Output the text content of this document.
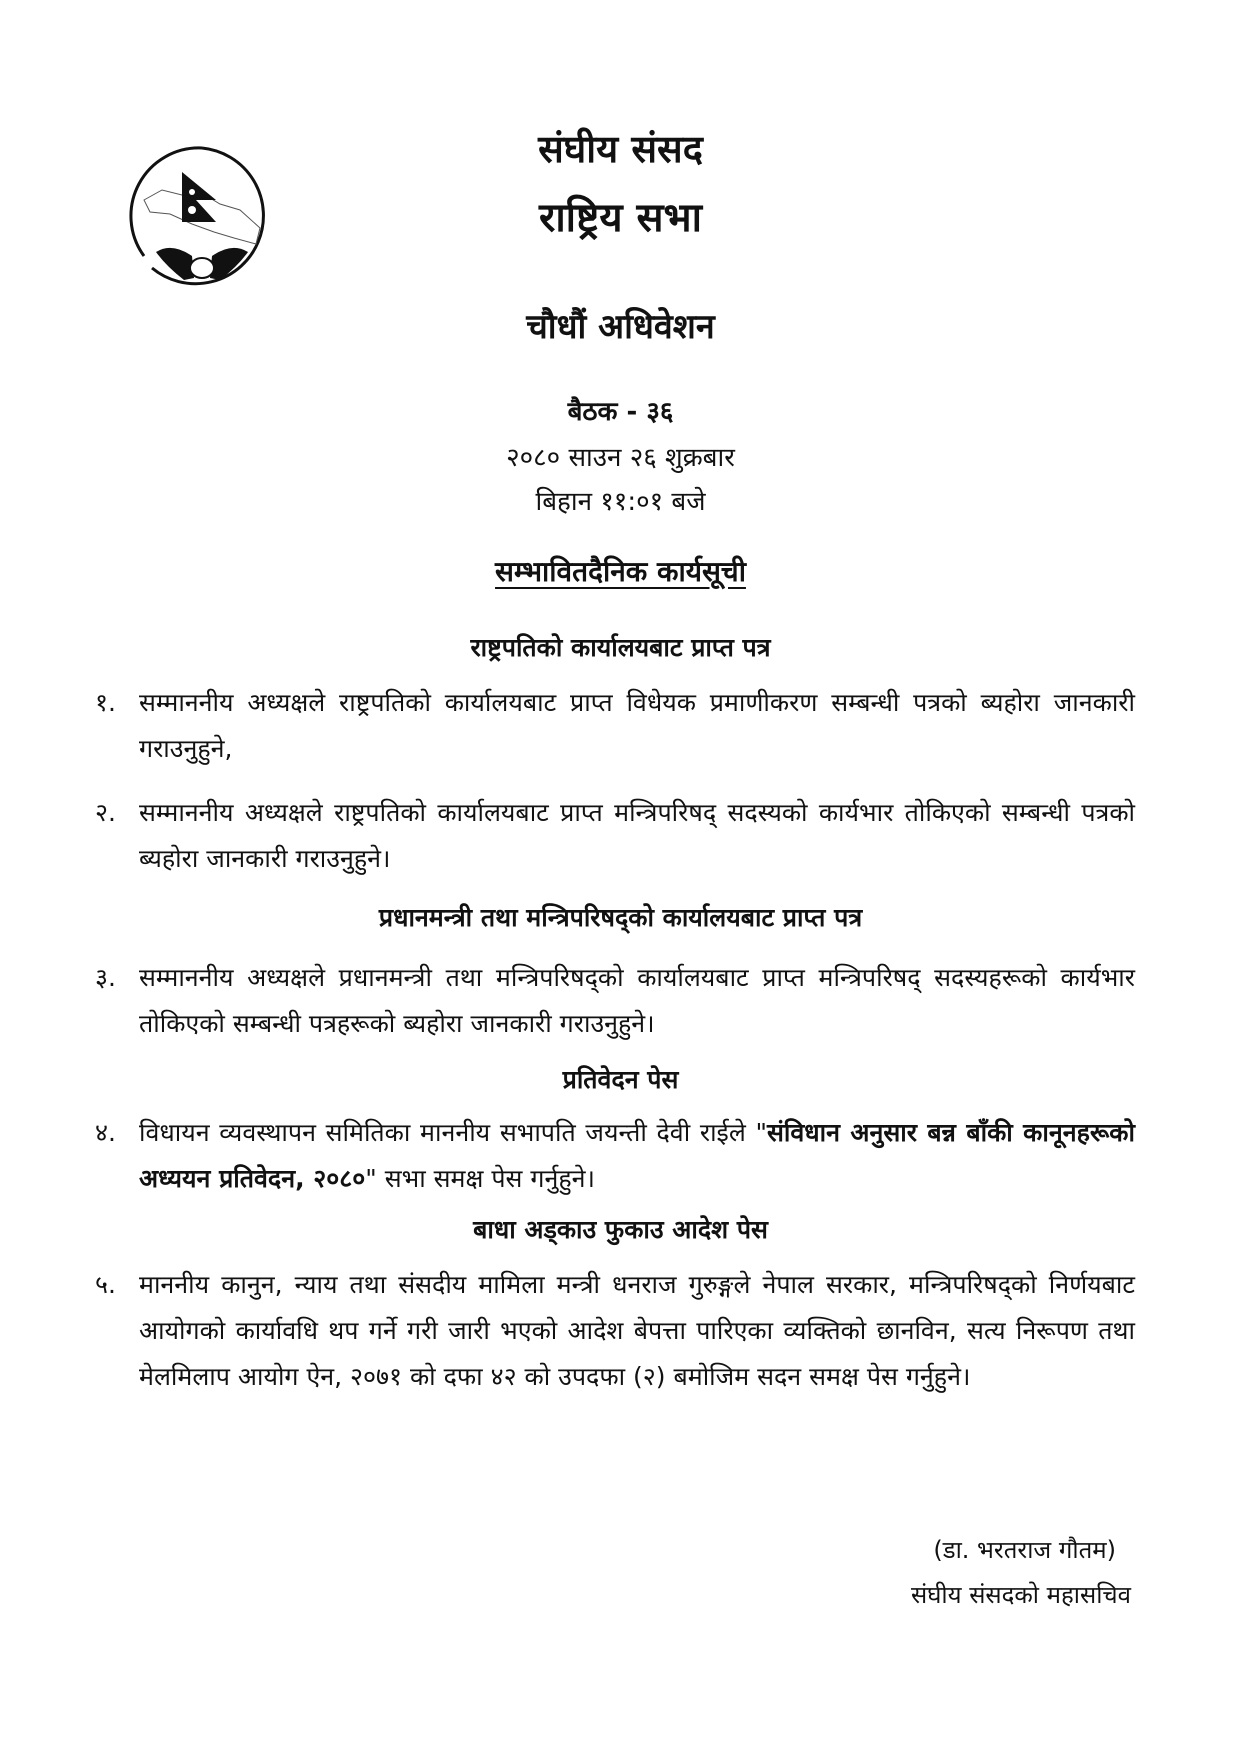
संघीय संसद
राष्ट्रिय सभा
चौधौं अधिवेशन
बैठक - ३६
२०८० साउन २६ शुक्रबार
बिहान ११:०१ बजे
सम्भावितदैनिक कार्यसूची
राष्ट्रपतिको कार्यालयबाट प्राप्त पत्र
१. सम्माननीय अध्यक्षले राष्ट्रपतिको कार्यालयबाट प्राप्त विधेयक प्रमाणीकरण सम्बन्धी पत्रको ब्यहोरा जानकारी गराउनुहुने,
२. सम्माननीय अध्यक्षले राष्ट्रपतिको कार्यालयबाट प्राप्त मन्त्रिपरिषद् सदस्यको कार्यभार तोकिएको सम्बन्धी पत्रको ब्यहोरा जानकारी गराउनुहुने।
प्रधानमन्त्री तथा मन्त्रिपरिषद्को कार्यालयबाट प्राप्त पत्र
३. सम्माननीय अध्यक्षले प्रधानमन्त्री तथा मन्त्रिपरिषद्को कार्यालयबाट प्राप्त मन्त्रिपरिषद् सदस्यहरूको कार्यभार तोकिएको सम्बन्धी पत्रहरूको ब्यहोरा जानकारी गराउनुहुने।
प्रतिवेदन पेस
४. विधायन व्यवस्थापन समितिका माननीय सभापति जयन्ती देवी राईले "संविधान अनुसार बन्न बाँकी कानूनहरूको अध्ययन प्रतिवेदन, २०८०" सभा समक्ष पेस गर्नुहुने।
बाधा अड्काउ फुकाउ आदेश पेस
५. माननीय कानुन, न्याय तथा संसदीय मामिला मन्त्री धनराज गुरुङ्गले नेपाल सरकार, मन्त्रिपरिषद्को निर्णयबाट आयोगको कार्यावधि थप गर्ने गरी जारी भएको आदेश बेपत्ता पारिएका व्यक्तिको छानविन, सत्य निरूपण तथा मेलमिलाप आयोग ऐन, २०७१ को दफा ४२ को उपदफा (२) बमोजिम सदन समक्ष पेस गर्नुहुने।
(डा. भरतराज गौतम)
संघीय संसदको महासचिव
